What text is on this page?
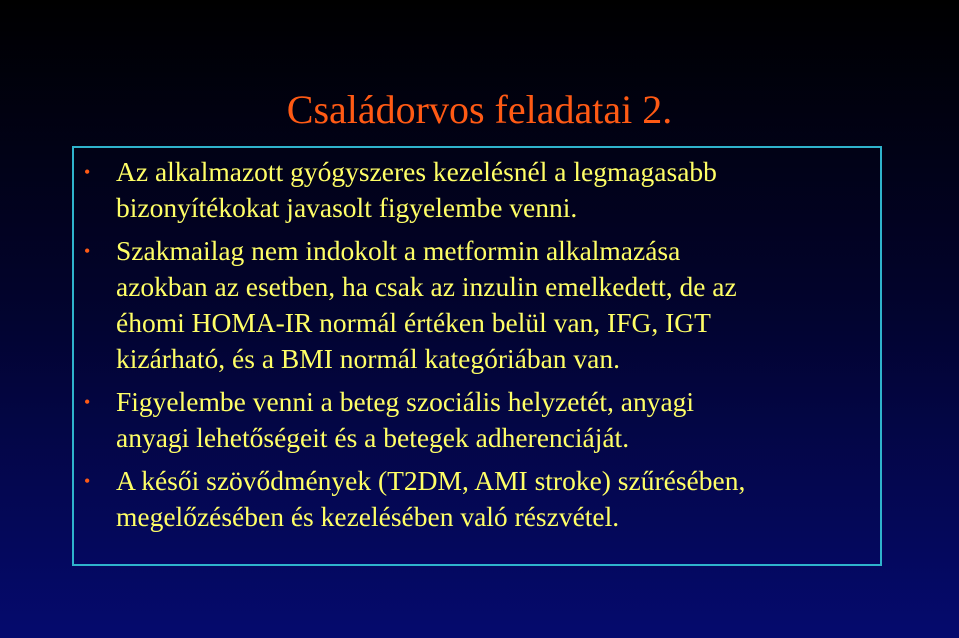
Családorvos feladatai 2.
• Az alkalmazott gyógyszeres kezelésnél a legmagasabb
bizonyítékokat javasolt figyelembe venni.
• Szakmailag nem indokolt a metformin alkalmazása
azokban az esetben, ha csak az inzulin emelkedett, de az
éhomi HOMA-IR normál értéken belül van, IFG, IGT
kizárható, és a BMI normál kategóriában van.
• Figyelembe venni a beteg szociális helyzetét, anyagi
anyagi lehetőségeit és a betegek adherenciáját.
• A késői szövődmények (T2DM, AMI stroke) szűrésében,
megelőzésében és kezelésében való részvétel.
